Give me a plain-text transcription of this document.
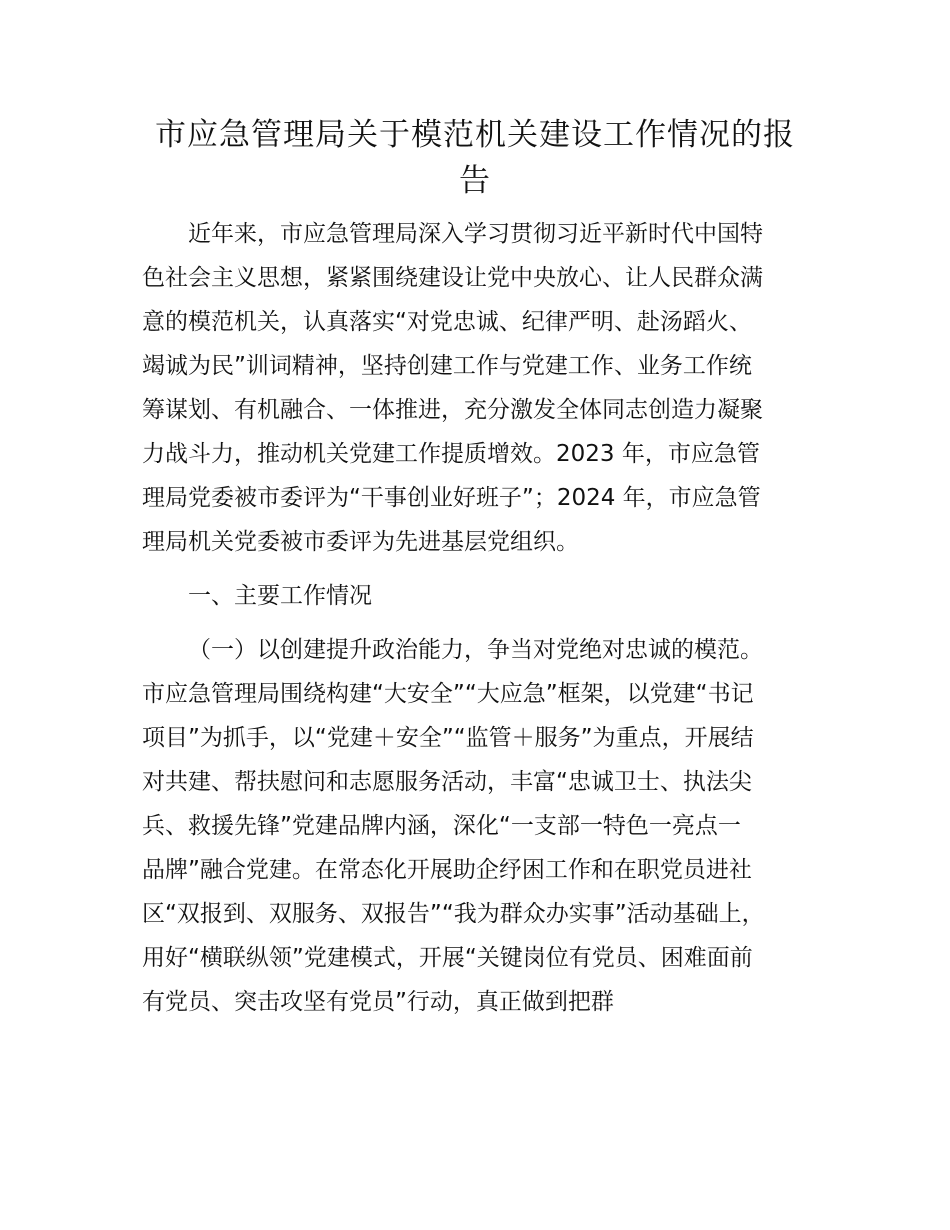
市应急管理局关于模范机关建设工作情况的报
告
近年来，市应急管理局深入学习贯彻习近平新时代中国特
色社会主义思想，紧紧围绕建设让党中央放心、让人民群众满
意的模范机关，认真落实“对党忠诚、纪律严明、赴汤蹈火、
竭诚为民”训词精神，坚持创建工作与党建工作、业务工作统
筹谋划、有机融合、一体推进，充分激发全体同志创造力凝聚
力战斗力，推动机关党建工作提质增效。2023 年，市应急管
理局党委被市委评为“干事创业好班子”；2024 年，市应急管
理局机关党委被市委评为先进基层党组织。
一、主要工作情况
（一）以创建提升政治能力，争当对党绝对忠诚的模范。
市应急管理局围绕构建“大安全”“大应急”框架，以党建“书记
项目”为抓手，以“党建＋安全”“监管＋服务”为重点，开展结
对共建、帮扶慰问和志愿服务活动，丰富“忠诚卫士、执法尖
兵、救援先锋”党建品牌内涵，深化“一支部一特色一亮点一
品牌”融合党建。在常态化开展助企纾困工作和在职党员进社
区“双报到、双服务、双报告”“我为群众办实事”活动基础上，
用好“横联纵领”党建模式，开展“关键岗位有党员、困难面前
有党员、突击攻坚有党员”行动，真正做到把群
